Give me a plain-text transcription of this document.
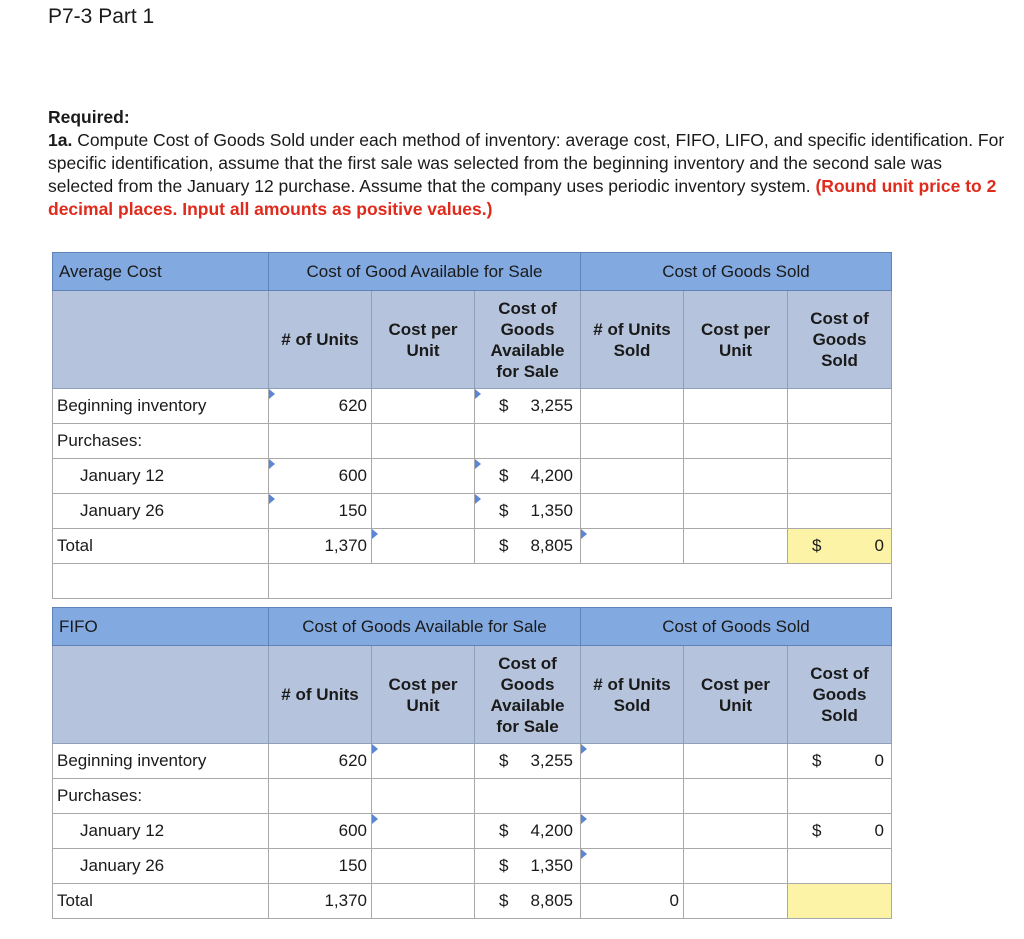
P7-3 Part 1
Required:
1a. Compute Cost of Goods Sold under each method of inventory: average cost, FIFO, LIFO, and specific identification. For specific identification, assume that the first sale was selected from the beginning inventory and the second sale was selected from the January 12 purchase. Assume that the company uses periodic inventory system. (Round unit price to 2 decimal places. Input all amounts as positive values.)
Average Cost	Cost of Good Available for Sale			Cost of Goods Sold		
	# of Units	Cost per Unit	Cost of Goods Available for Sale	# of Units Sold	Cost per Unit	Cost of Goods Sold
Beginning inventory	620		$ 3,255			

Purchases:						
January 12	600		$ 4,200			

January 26	150		$ 1,350			

Total	1,370		$ 8,805			$ 0

FIFO	Cost of Goods Available for Sale			Cost of Goods Sold		
	# of Units	Cost per Unit	Cost of Goods Available for Sale	# of Units Sold	Cost per Unit	Cost of Goods Sold
Beginning inventory	620		$ 3,255			$ 0

Purchases:						
January 12	600		$ 4,200			$ 0

January 26	150		$ 1,350			

Total	1,370		$ 8,805	0		
